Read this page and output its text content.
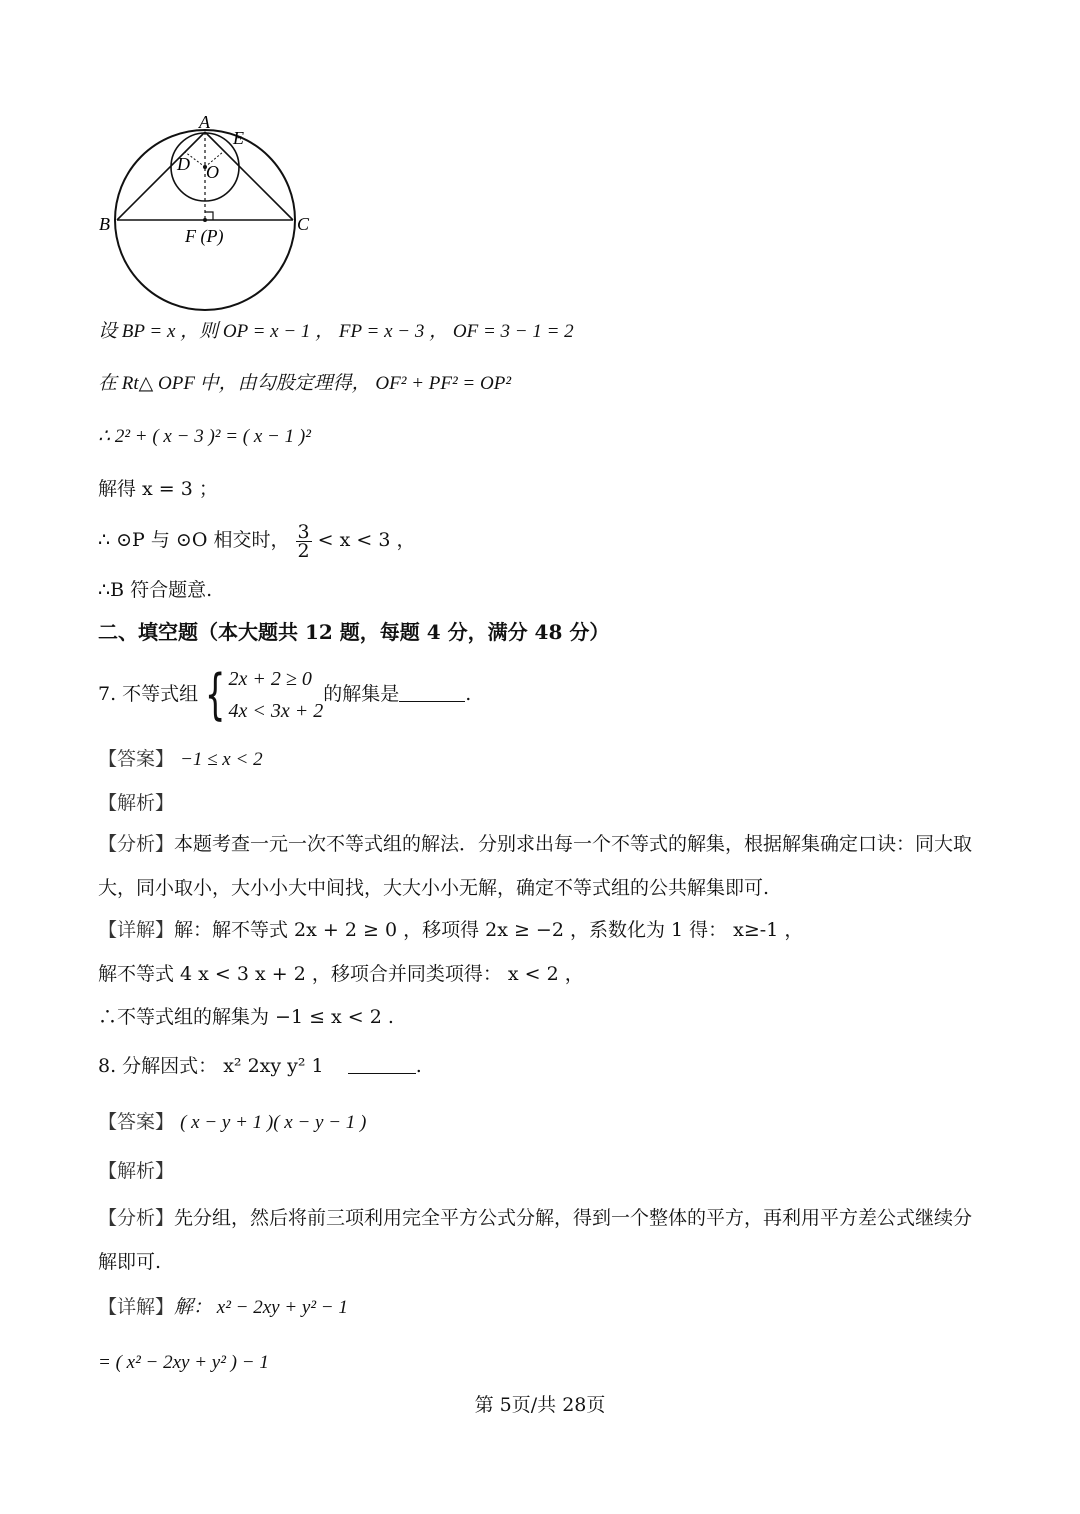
A
E
D O
B	C
F (P)
设 BP = x ，则 OP = x − 1 ， FP = x − 3 ， OF = 3 − 1 = 2
在 Rt△ OPF 中，由勾股定理得， OF² + PF² = OP²
∴ 2² + ( x − 3 )² = ( x − 1 )²
解得 x = 3 ；
∴ ⊙P 与 ⊙O 相交时， $\frac{3}{2} < x < 3$ ，
∴B 符合题意.
二、填空题（本大题共 12 题，每题 4 分，满分 48 分）
7. 不等式组 { 2x + 2 ≥ 0
4x < 3x + 2
的解集是	.
【答案】 −1 ≤ x < 2
【解析】
【分析】本题考查一元一次不等式组的解法．分别求出每一个不等式的解集，根据解集确定口诀：同大取大，同小取小，大小小大中间找，大大小小无解，确定不等式组的公共解集即可.
【详解】解：解不等式 2x + 2 ≥ 0 ，移项得 2x ≥ −2 ，系数化为 1 得： x≥-1 ，
解不等式 4 x < 3 x + 2 ，移项合并同类项得： x < 2 ，
∴不等式组的解集为 −1 ≤ x < 2 .
8. 分解因式： x² 2xy y² 1	.
【答案】 ( x − y + 1 )( x − y − 1 )
【解析】
【分析】先分组，然后将前三项利用完全平方公式分解，得到一个整体的平方，再利用平方差公式继续分解即可.
【详解】解： x² − 2xy + y² − 1
= ( x² − 2xy + y² ) − 1
第 5页/共 28页
